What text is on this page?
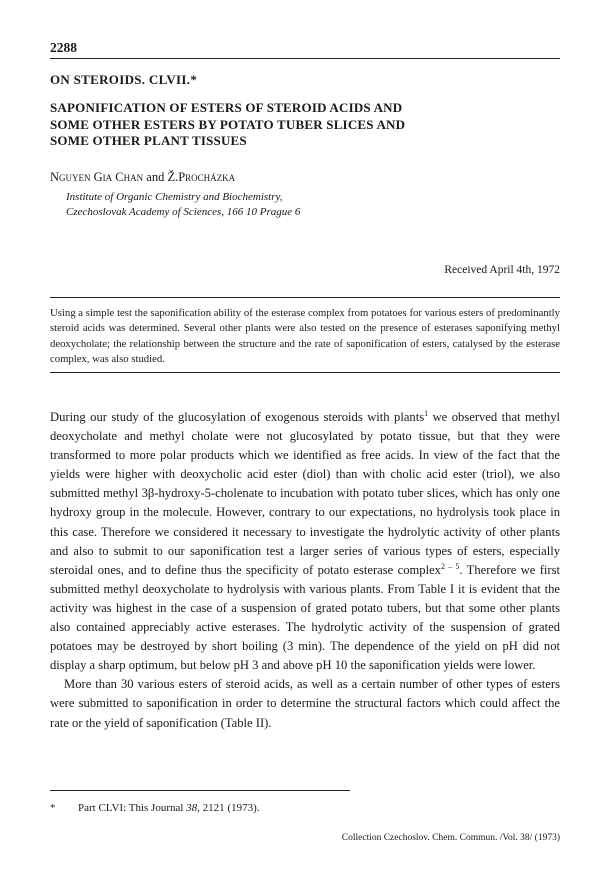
2288
ON STEROIDS. CLVII.*
SAPONIFICATION OF ESTERS OF STEROID ACIDS AND
SOME OTHER ESTERS BY POTATO TUBER SLICES AND
SOME OTHER PLANT TISSUES
Nguyen Gia Chan and Ž.Procházka
Institute of Organic Chemistry and Biochemistry,
Czechoslovak Academy of Sciences, 166 10 Prague 6
Received April 4th, 1972

Using a simple test the saponification ability of the esterase complex from potatoes for various esters of predominantly steroid acids was determined. Several other plants were also tested on the presence of esterases saponifying methyl deoxycholate; the relationship between the structure and the rate of saponification of esters, catalysed by the esterase complex, was also studied.

During our study of the glucosylation of exogenous steroids with plants$^1$ we observed that methyl deoxycholate and methyl cholate were not glucosylated by potato tissue, but that they were transformed to more polar products which we identified as free acids. In view of the fact that the yields were higher with deoxycholic acid ester (diol) than with cholic acid ester (triol), we also submitted methyl 3β-hydroxy-5-cholenate to incubation with potato tuber slices, which has only one hydroxy group in the molecule. However, contrary to our expectations, no hydrolysis took place in this case. Therefore we considered it necessary to investigate the hydrolytic activity of other plants and also to submit to our saponification test a larger series of various types of esters, especially steroidal ones, and to define thus the specificity of potato esterase complex$^{2 - 5}$. Therefore we first submitted methyl deoxycholate to hydrolysis with various plants. From Table I it is evident that the activity was highest in the case of a suspension of grated potato tubers, but that some other plants also contained appreciably active esterases. The hydrolytic activity of the suspension of grated potatoes may be destroyed by short boiling (3 min). The dependence of the yield on pH did not display a sharp optimum, but below pH 3 and above pH 10 the saponification yields were lower.

More than 30 various esters of steroid acids, as well as a certain number of other types of esters were submitted to saponification in order to determine the structural factors which could affect the rate or the yield of saponification (Table II).

* Part CLVI: This Journal 38, 2121 (1973).
Collection Czechoslov. Chem. Commun. /Vol. 38/ (1973)
